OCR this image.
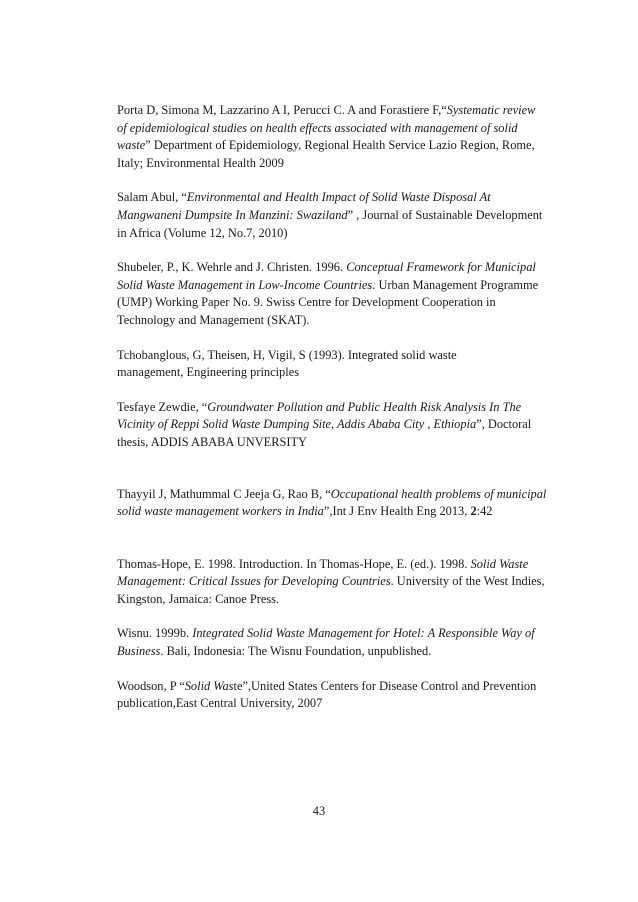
Porta D, Simona M, Lazzarino A I, Perucci C. A and Forastiere F,“Systematic review
of epidemiological studies on health effects associated with management of solid
waste” Department of Epidemiology, Regional Health Service Lazio Region, Rome,
Italy; Environmental Health 2009

Salam Abul, “Environmental and Health Impact of Solid Waste Disposal At
Mangwaneni Dumpsite In Manzini: Swaziland” , Journal of Sustainable Development
in Africa (Volume 12, No.7, 2010)

Shubeler, P., K. Wehrle and J. Christen. 1996. Conceptual Framework for Municipal
Solid Waste Management in Low-Income Countries. Urban Management Programme
(UMP) Working Paper No. 9. Swiss Centre for Development Cooperation in
Technology and Management (SKAT).

Tchobanglous, G, Theisen, H, Vigil, S (1993). Integrated solid waste
management, Engineering principles

Tesfaye Zewdie, “Groundwater Pollution and Public Health Risk Analysis In The
Vicinity of Reppi Solid Waste Dumping Site, Addis Ababa City , Ethiopia”, Doctoral
thesis, ADDIS ABABA UNVERSITY

Thayyil J, Mathummal C Jeeja G, Rao B, “Occupational health problems of municipal
solid waste management workers in India”,Int J Env Health Eng 2013, 2:42

Thomas-Hope, E. 1998. Introduction. In Thomas-Hope, E. (ed.). 1998. Solid Waste
Management: Critical Issues for Developing Countries. University of the West Indies,
Kingston, Jamaica: Canoe Press.

Wisnu. 1999b. Integrated Solid Waste Management for Hotel: A Responsible Way of
Business. Bali, Indonesia: The Wisnu Foundation, unpublished.

Woodson, P “Solid Waste”,United States Centers for Disease Control and Prevention
publication,East Central University, 2007

43
